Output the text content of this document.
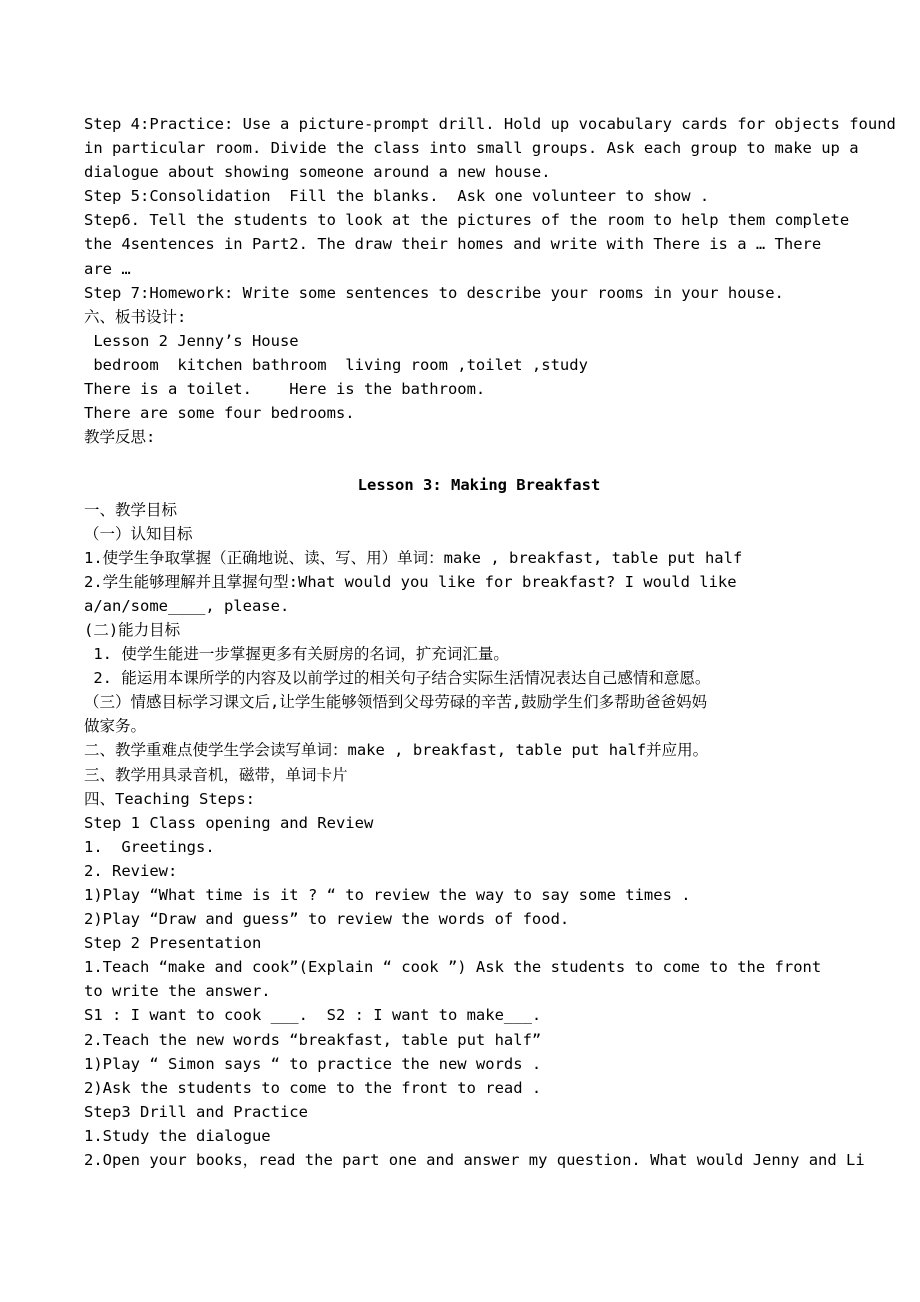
Step 4:Practice: Use a picture-prompt drill. Hold up vocabulary cards for objects found
in particular room. Divide the class into small groups. Ask each group to make up a
dialogue about showing someone around a new house.
Step 5:Consolidation  Fill the blanks.  Ask one volunteer to show .
Step6. Tell the students to look at the pictures of the room to help them complete
the 4sentences in Part2. The draw their homes and write with There is a … There
are …
Step 7:Homework: Write some sentences to describe your rooms in your house.
六、板书设计:
Lesson 2 Jenny’s House
bedroom  kitchen bathroom  living room ,toilet ,study
There is a toilet.    Here is the bathroom.
There are some four bedrooms.
教学反思:
Lesson 3: Making Breakfast
一、教学目标
（一）认知目标
1.使学生争取掌握（正确地说、读、写、用）单词：make , breakfast, table put half
2.学生能够理解并且掌握句型:What would you like for breakfast? I would like
a/an/some____, please.
(二)能力目标
1. 使学生能进一步掌握更多有关厨房的名词，扩充词汇量。
2. 能运用本课所学的内容及以前学过的相关句子结合实际生活情况表达自己感情和意愿。
（三）情感目标学习课文后,让学生能够领悟到父母劳碌的辛苦,鼓励学生们多帮助爸爸妈妈
做家务。
二、教学重难点使学生学会读写单词：make , breakfast, table put half并应用。
三、教学用具录音机，磁带，单词卡片
四、Teaching Steps:
Step 1 Class opening and Review
1.  Greetings.
2. Review:
1)Play “What time is it ? “ to review the way to say some times .
2)Play “Draw and guess” to review the words of food.
Step 2 Presentation
1.Teach “make and cook”(Explain “ cook ”) Ask the students to come to the front
to write the answer.
S1 : I want to cook ___.  S2 : I want to make___.
2.Teach the new words “breakfast, table put half”
1)Play “ Simon says “ to practice the new words .
2)Ask the students to come to the front to read .
Step3 Drill and Practice
1.Study the dialogue
2.Open your books，read the part one and answer my question. What would Jenny and Li
